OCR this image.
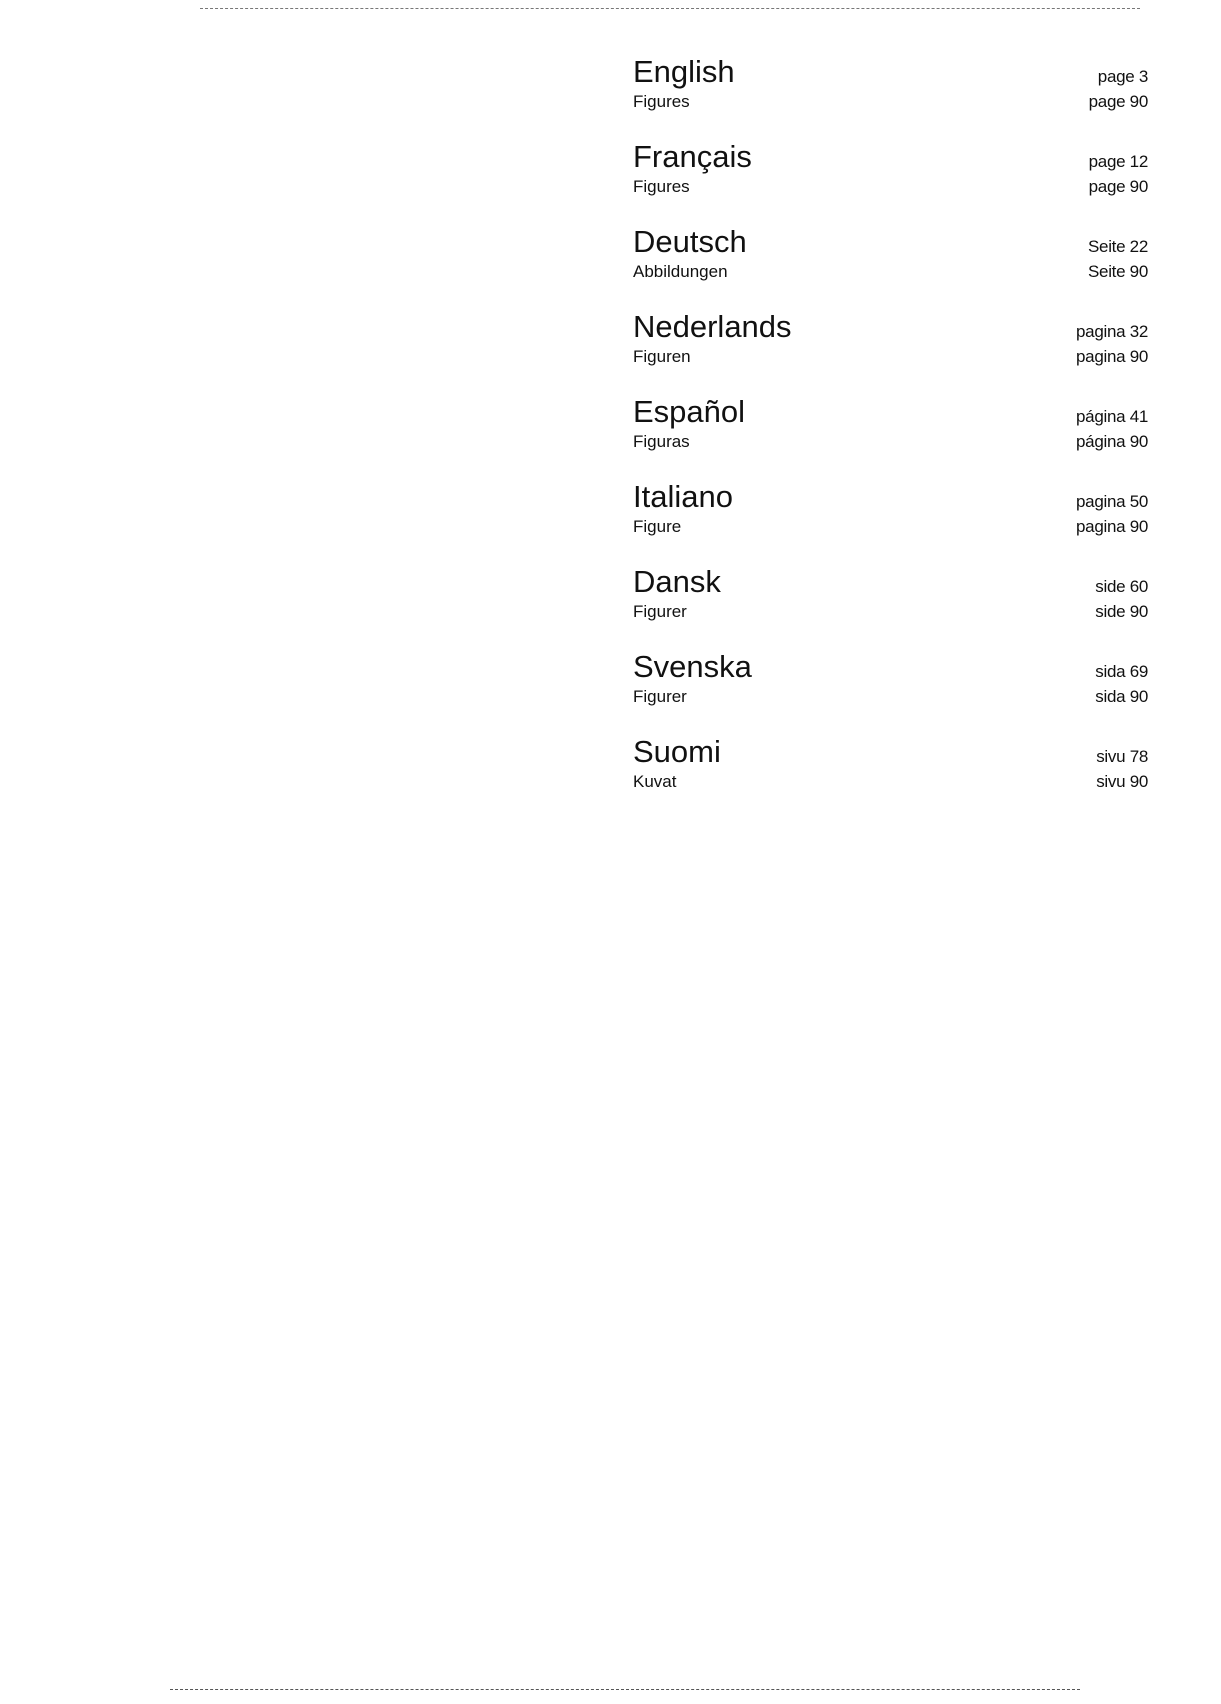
English	page 3
Figures	page 90
Français	page 12
Figures	page 90
Deutsch	Seite 22
Abbildungen	Seite 90
Nederlands	pagina 32
Figuren	pagina 90
Español	página 41
Figuras	página 90
Italiano	pagina 50
Figure	pagina 90
Dansk	side 60
Figurer	side 90
Svenska	sida 69
Figurer	sida 90
Suomi	sivu 78
Kuvat	sivu 90
